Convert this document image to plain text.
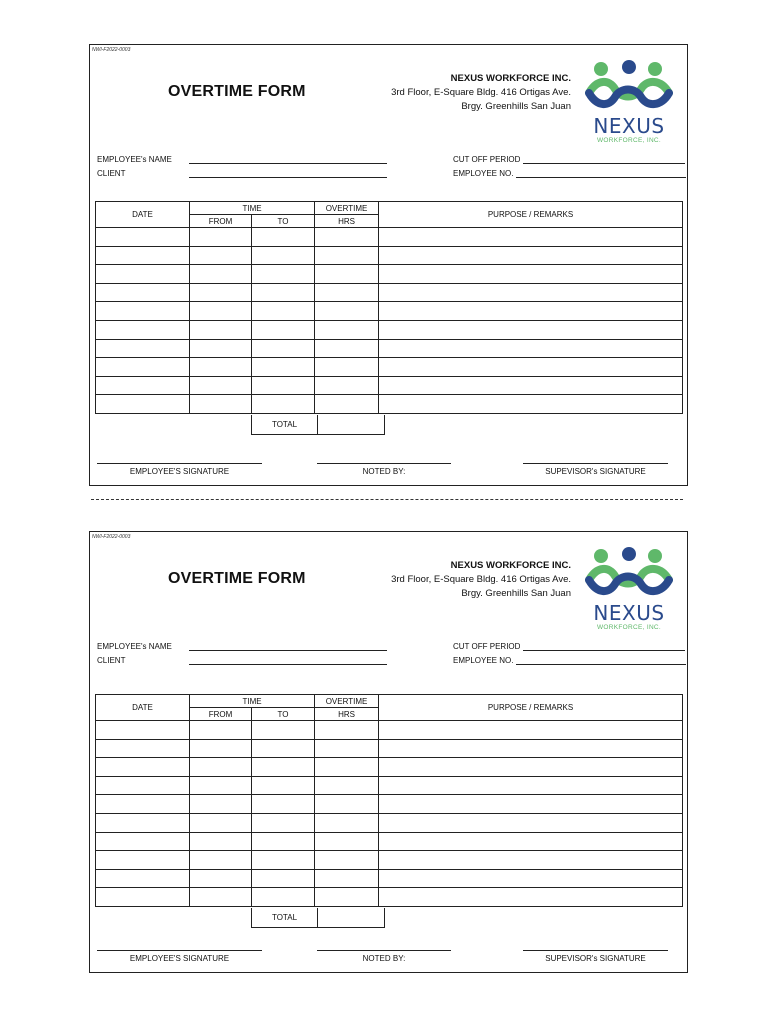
NWI-F2022-0003
OVERTIME FORM
NEXUS WORKFORCE INC.
3rd Floor, E-Square Bldg. 416 Ortigas Ave.
Brgy. Greenhills San Juan
NEXUS
WORKFORCE, INC.
EMPLOYEE's NAME
CLIENT
CUT OFF PERIOD
EMPLOYEE NO.
DATE	TIME		OVERTIME	PURPOSE / REMARKS
	FROM	TO	HRS	

TOTAL	
EMPLOYEE'S SIGNATURE	NOTED BY:	SUPEVISOR's SIGNATURE
NWI-F2022-0003
OVERTIME FORM
NEXUS WORKFORCE INC.
3rd Floor, E-Square Bldg. 416 Ortigas Ave.
Brgy. Greenhills San Juan
NEXUS
WORKFORCE, INC.
EMPLOYEE's NAME
CLIENT
CUT OFF PERIOD
EMPLOYEE NO.
DATE	TIME		OVERTIME	PURPOSE / REMARKS
	FROM	TO	HRS	

TOTAL	
EMPLOYEE'S SIGNATURE	NOTED BY:	SUPEVISOR's SIGNATURE
